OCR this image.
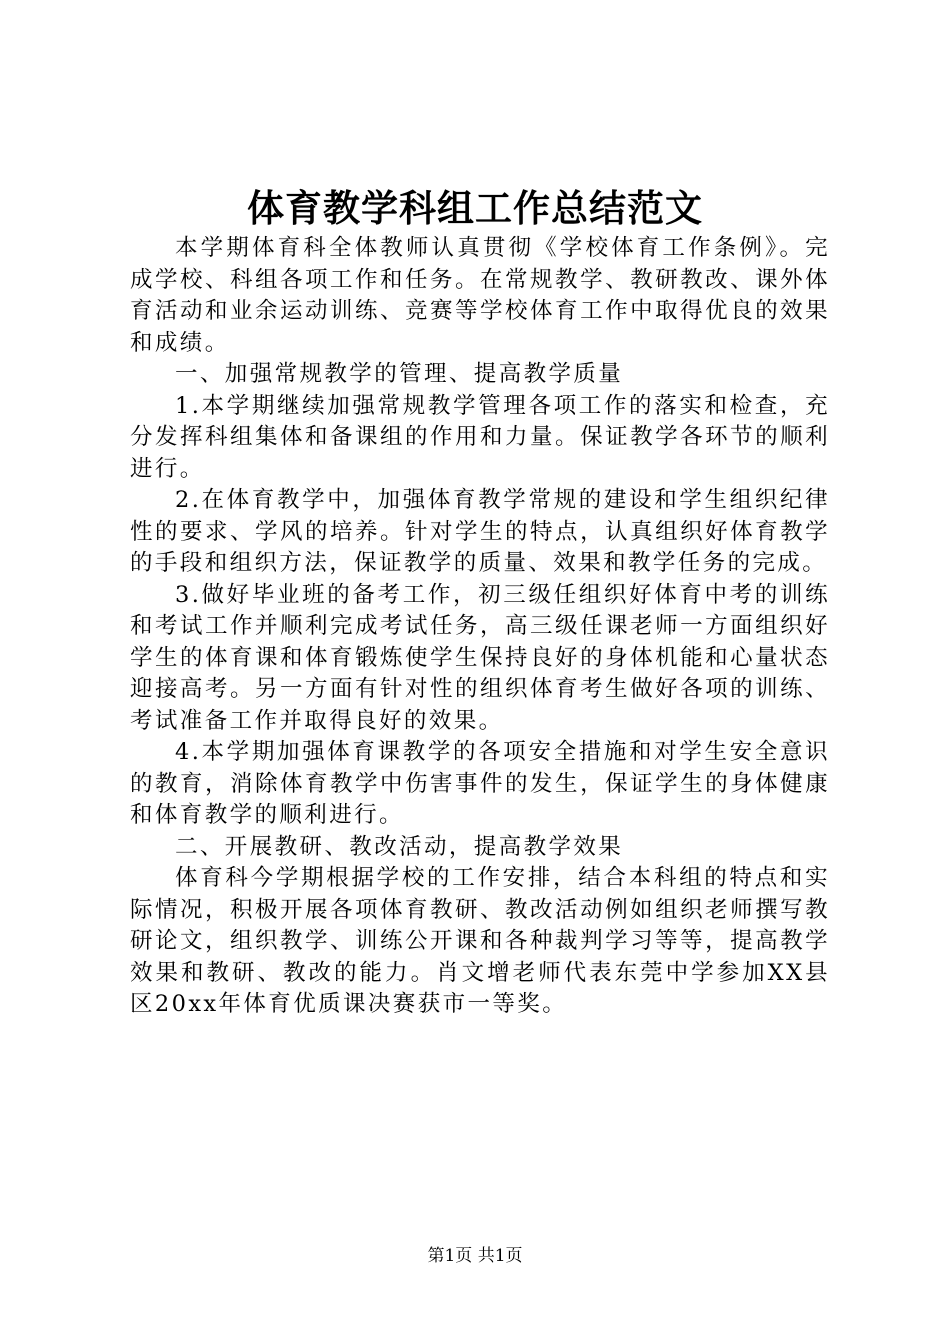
体育教学科组工作总结范文

本学期体育科全体教师认真贯彻《学校体育工作条例》。完成学校、科组各项工作和任务。在常规教学、教研教改、课外体育活动和业余运动训练、竞赛等学校体育工作中取得优良的效果和成绩。

一、加强常规教学的管理、提高教学质量

1.本学期继续加强常规教学管理各项工作的落实和检查，充分发挥科组集体和备课组的作用和力量。保证教学各环节的顺利进行。

2.在体育教学中，加强体育教学常规的建设和学生组织纪律性的要求、学风的培养。针对学生的特点，认真组织好体育教学的手段和组织方法，保证教学的质量、效果和教学任务的完成。

3.做好毕业班的备考工作，初三级任组织好体育中考的训练和考试工作并顺利完成考试任务，高三级任课老师一方面组织好学生的体育课和体育锻炼使学生保持良好的身体机能和心量状态迎接高考。另一方面有针对性的组织体育考生做好各项的训练、考试准备工作并取得良好的效果。

4.本学期加强体育课教学的各项安全措施和对学生安全意识的教育，消除体育教学中伤害事件的发生，保证学生的身体健康和体育教学的顺利进行。

二、开展教研、教改活动，提高教学效果

体育科今学期根据学校的工作安排，结合本科组的特点和实际情况，积极开展各项体育教研、教改活动例如组织老师撰写教研论文，组织教学、训练公开课和各种裁判学习等等，提高教学效果和教研、教改的能力。肖文增老师代表东莞中学参加XX县区20xx年体育优质课决赛获市一等奖。

第1页 共1页
